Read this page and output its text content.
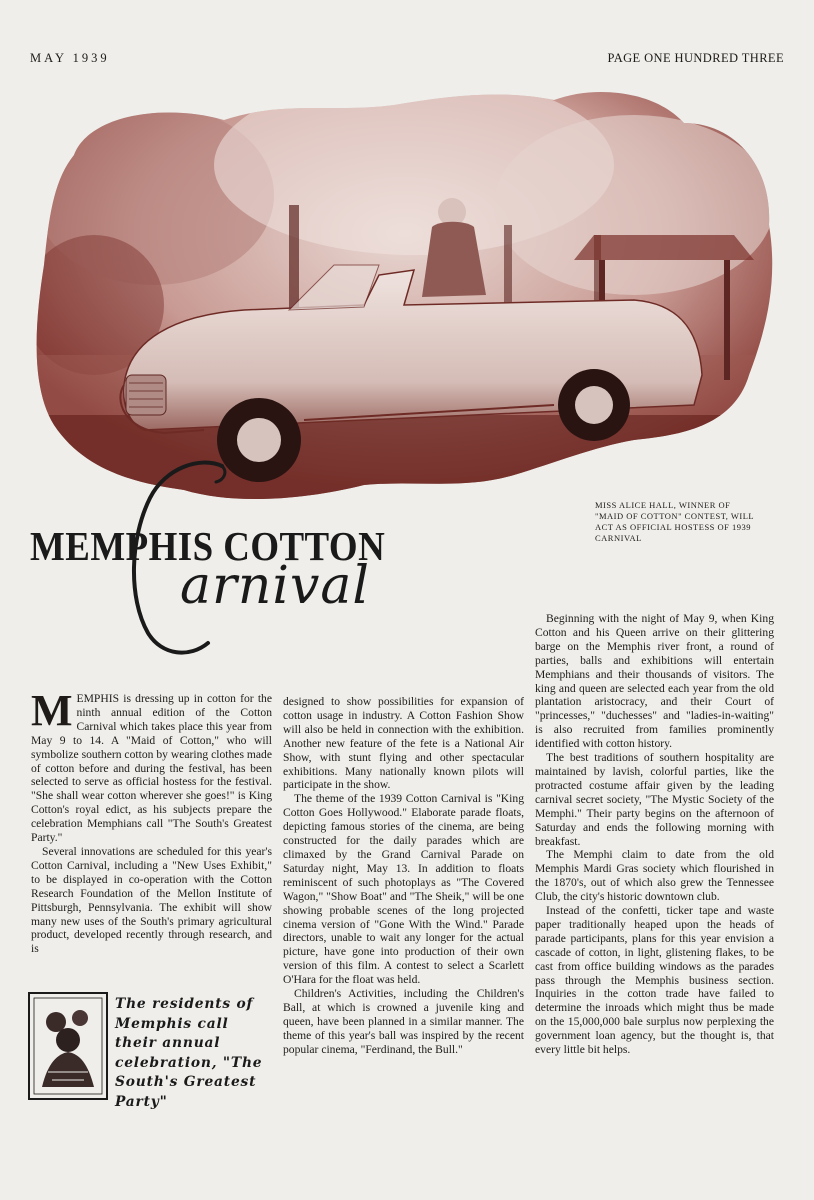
MAY 1939	PAGE ONE HUNDRED THREE
MISS ALICE HALL, WINNER OF "MAID OF COTTON" CONTEST, WILL ACT AS OFFICIAL HOSTESS OF 1939 CARNIVAL
MEMPHIS COTTON
arnival

MEMPHIS is dressing up in cotton for the ninth annual edition of the Cotton Carnival which takes place this year from May 9 to 14. A "Maid of Cotton," who will symbolize southern cotton by wearing clothes made of cotton before and during the festival, has been selected to serve as official hostess for the festival. "She shall wear cotton wherever she goes!" is King Cotton's royal edict, as his subjects prepare the celebration Memphians call "The South's Greatest Party."

Several innovations are scheduled for this year's Cotton Carnival, including a "New Uses Exhibit," to be displayed in co-operation with the Cotton Research Foundation of the Mellon Institute of Pittsburgh, Pennsylvania. The exhibit will show many new uses of the South's primary agricultural product, developed recently through research, and is

The residents of Memphis call their annual celebration, "The South's Greatest Party"

designed to show possibilities for expansion of cotton usage in industry. A Cotton Fashion Show will also be held in connection with the exhibition. Another new feature of the fete is a National Air Show, with stunt flying and other spectacular exhibitions. Many nationally known pilots will participate in the show.

The theme of the 1939 Cotton Carnival is "King Cotton Goes Hollywood." Elaborate parade floats, depicting famous stories of the cinema, are being constructed for the daily parades which are climaxed by the Grand Carnival Parade on Saturday night, May 13. In addition to floats reminiscent of such photoplays as "The Covered Wagon," "Show Boat" and "The Sheik," will be one showing probable scenes of the long projected cinema version of "Gone With the Wind." Parade directors, unable to wait any longer for the actual picture, have gone into production of their own version of this film. A contest to select a Scarlett O'Hara for the float was held.

Children's Activities, including the Children's Ball, at which is crowned a juvenile king and queen, have been planned in a similar manner. The theme of this year's ball was inspired by the recent popular cinema, "Ferdinand, the Bull."

Beginning with the night of May 9, when King Cotton and his Queen arrive on their glittering barge on the Memphis river front, a round of parties, balls and exhibitions will entertain Memphians and their thousands of visitors. The king and queen are selected each year from the old plantation aristocracy, and their Court of "princesses," "duchesses" and "ladies-in-waiting" is also recruited from families prominently identified with cotton history.

The best traditions of southern hospitality are maintained by lavish, colorful parties, like the protracted costume affair given by the leading carnival secret society, "The Mystic Society of the Memphi." Their party begins on the afternoon of Saturday and ends the following morning with breakfast.

The Memphi claim to date from the old Memphis Mardi Gras society which flourished in the 1870's, out of which also grew the Tennessee Club, the city's historic downtown club.

Instead of the confetti, ticker tape and waste paper traditionally heaped upon the heads of parade participants, plans for this year envision a cascade of cotton, in light, glistening flakes, to be cast from office building windows as the parades pass through the Memphis business section. Inquiries in the cotton trade have failed to determine the inroads which might thus be made on the 15,000,000 bale surplus now perplexing the government loan agency, but the thought is, that every little bit helps.
